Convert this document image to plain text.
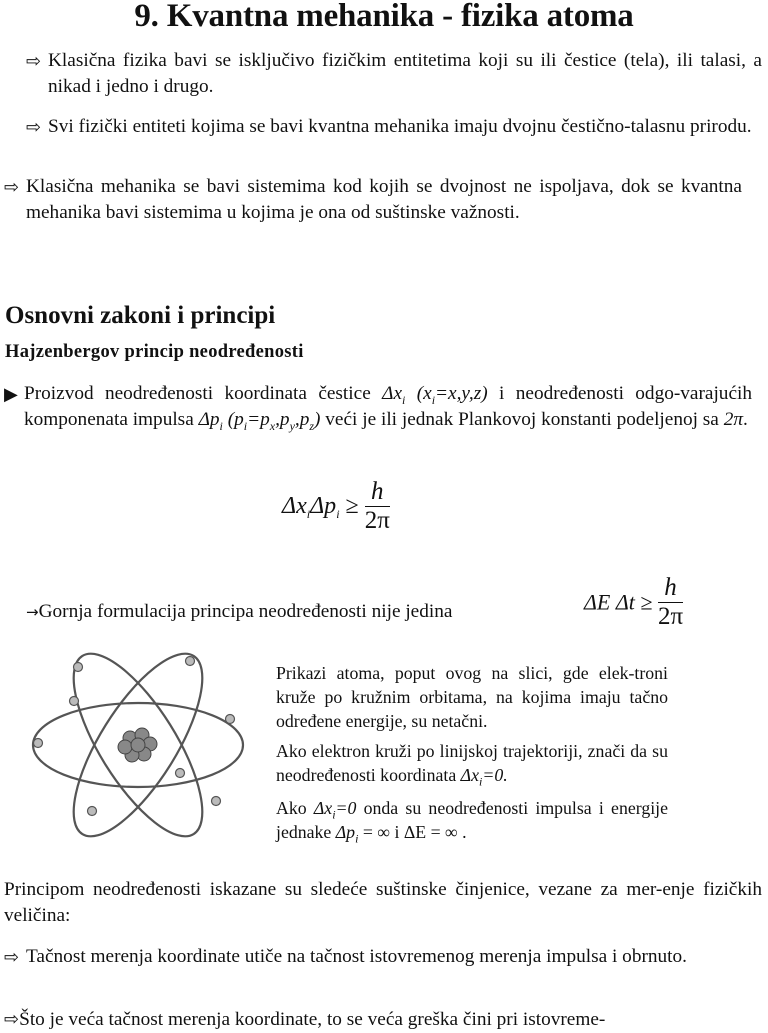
9. Kvantna mehanika - fizika atoma
⇨ Klasična fizika bavi se isključivo fizičkim entitetima koji su ili čestice (tela), ili talasi, a nikad i jedno i drugo.
⇨ Svi fizički entiteti kojima se bavi kvantna mehanika imaju dvojnu čestično-talasnu prirodu.
⇨ Klasična mehanika se bavi sistemima kod kojih se dvojnost ne ispoljava, dok se kvantna mehanika bavi sistemima u kojima je ona od suštinske važnosti.
Osnovni zakoni i principi
Hajzenbergov princip neodređenosti
▶ Proizvod neodređenosti koordinata čestice $\Delta x_i$ $(x_i=x,y,z)$ i neodređenosti odgo-varajućih komponenata impulsa $\Delta p_i$ $(p_i=p_x,p_y,p_z)$ veći je ili jednak Plankovoj konstanti podeljenoj sa 2π.
$\Delta x_i\Delta p_i \ge \frac{h}{2\pi}$
→Gornja formulacija principa neodređenosti nije jedina	ΔE $\Delta t \ge \frac{h}{2\pi}$
Prikazi atoma, poput ovog na slici, gde elek-troni kruže po kružnim orbitama, na kojima imaju tačno određene energije, su netačni.
Ako elektron kruži po linijskoj trajektoriji, znači da su neodređenosti koordinata $\Delta x_i=0$.
Ako $\Delta x_i=0$ onda su neodređenosti impulsa i energije jednake $\Delta p_i$ = ∞ i ΔE = ∞ .
Principom neodređenosti iskazane su sledeće suštinske činjenice, vezane za mer-enje fizičkih veličina:
⇨ Tačnost merenja koordinate utiče na tačnost istovremenog merenja impulsa i obrnuto.
⇨Što je veća tačnost merenja koordinate, to se veća greška čini pri istovreme-
